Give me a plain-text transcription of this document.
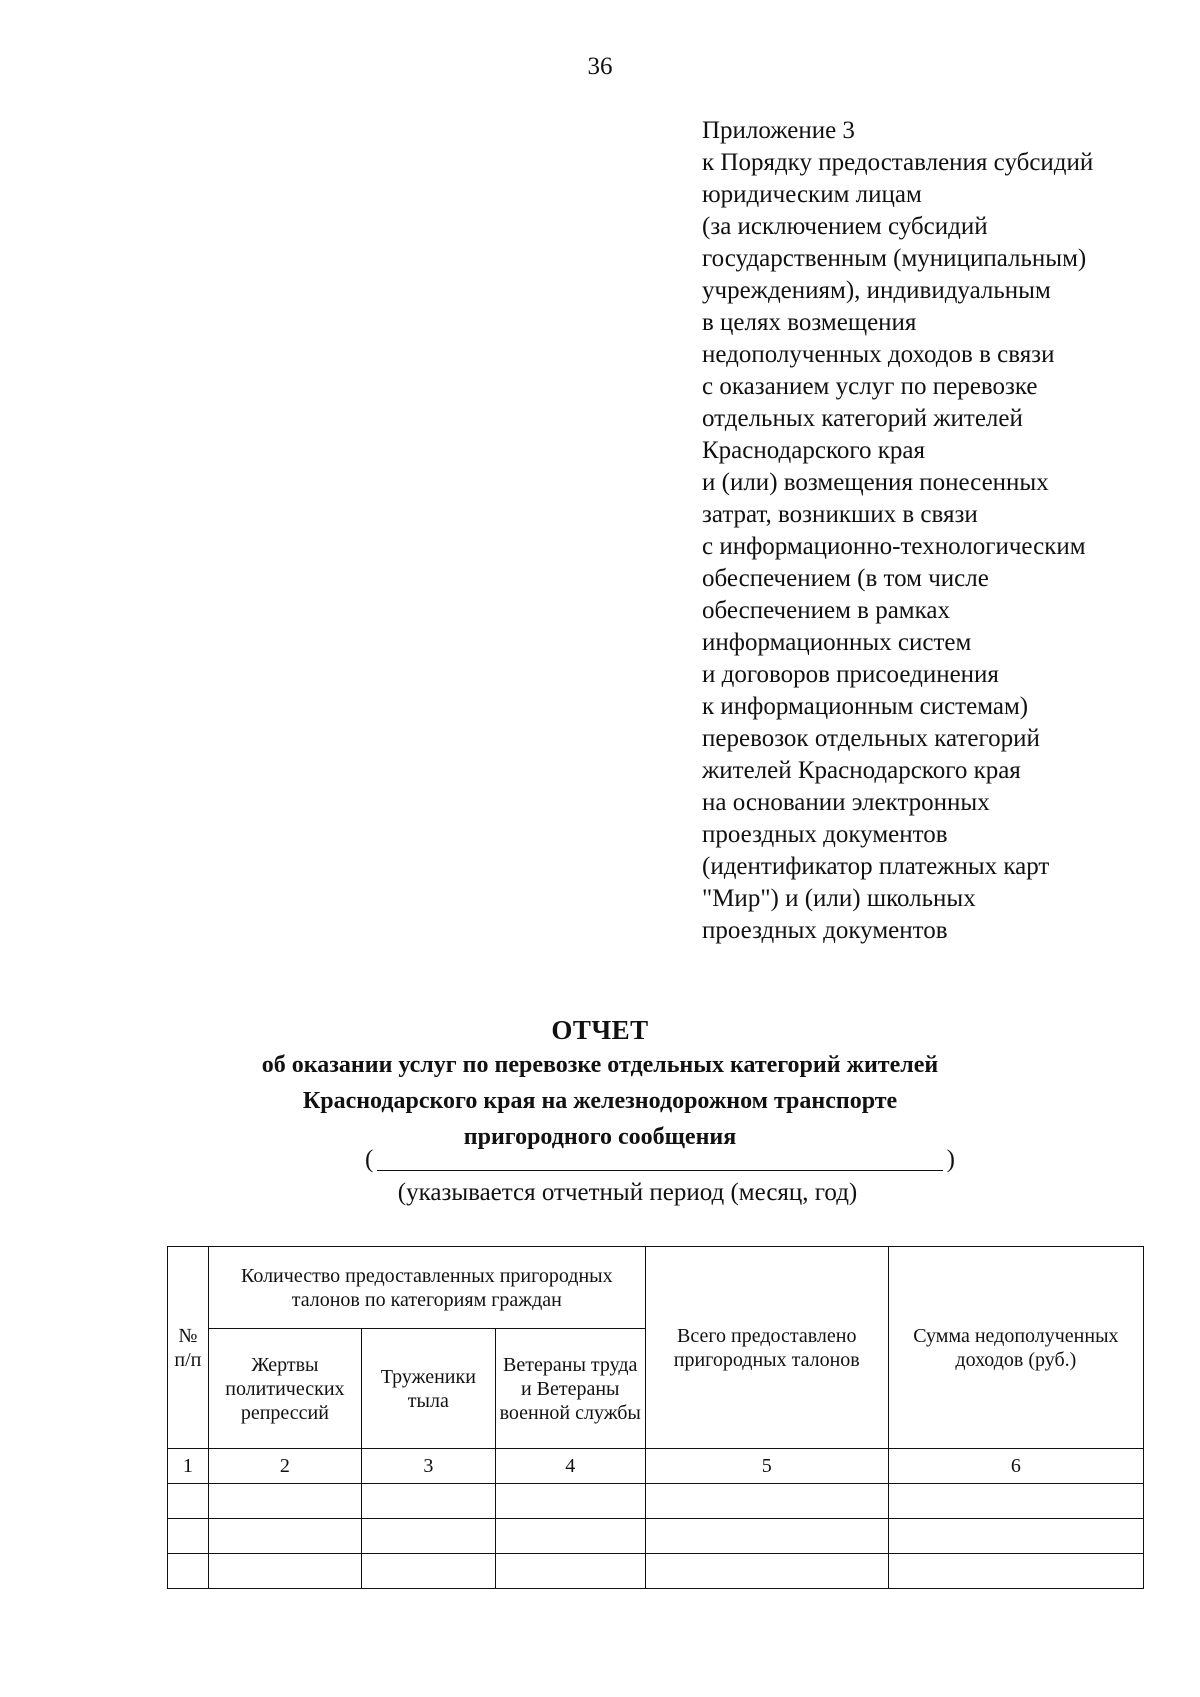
36
Приложение 3
к Порядку предоставления субсидий
юридическим лицам
(за исключением субсидий
государственным (муниципальным)
учреждениям), индивидуальным
в целях возмещения
недополученных доходов в связи
с оказанием услуг по перевозке
отдельных категорий жителей
Краснодарского края
и (или) возмещения понесенных
затрат, возникших в связи
с информационно-технологическим
обеспечением (в том числе
обеспечением в рамках
информационных систем
и договоров присоединения
к информационным системам)
перевозок отдельных категорий
жителей Краснодарского края
на основании электронных
проездных документов
(идентификатор платежных карт
"Мир") и (или) школьных
проездных документов
ОТЧЕТ
об оказании услуг по перевозке отдельных категорий жителей
Краснодарского края на железнодорожном транспорте
пригородного сообщения
(	)
(указывается отчетный период (месяц, год)
№ п/п	Количество предоставленных пригородных талонов по категориям граждан			Всего предоставлено пригородных талонов	Сумма недополученных доходов (руб.)
	Жертвы политических репрессий	Труженики тыла	Ветераны труда и Ветераны военной службы		
1	2	3	4	5	6
